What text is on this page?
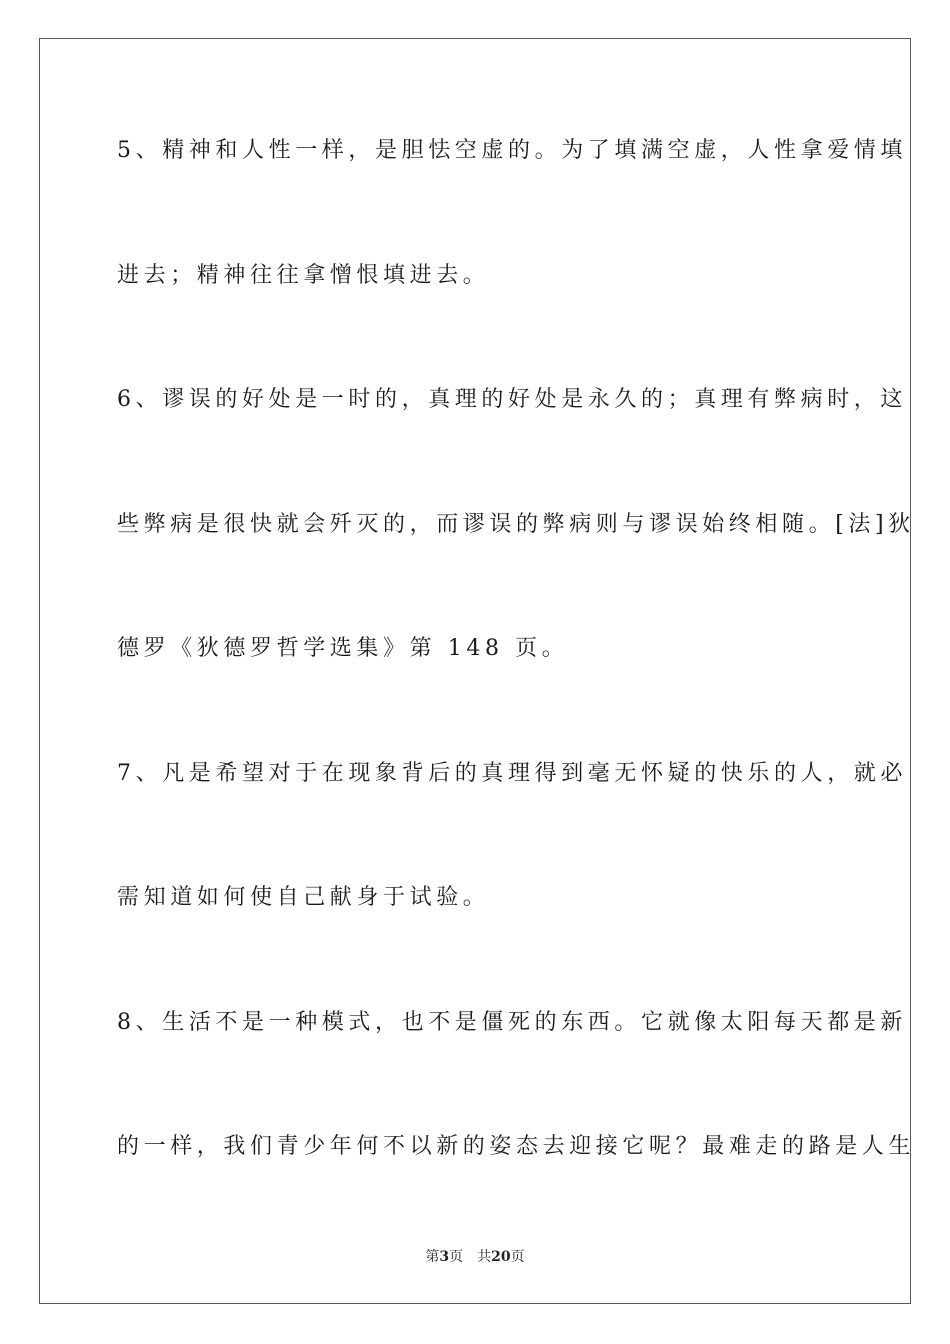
5、精神和人性一样，是胆怯空虚的。为了填满空虚，人性拿爱情填
进去；精神往往拿憎恨填进去。
6、谬误的好处是一时的，真理的好处是永久的；真理有弊病时，这
些弊病是很快就会歼灭的，而谬误的弊病则与谬误始终相随。[法]狄
德罗《狄德罗哲学选集》第 148 页。
7、凡是希望对于在现象背后的真理得到毫无怀疑的快乐的人，就必
需知道如何使自己献身于试验。
8、生活不是一种模式，也不是僵死的东西。它就像太阳每天都是新
的一样，我们青少年何不以新的姿态去迎接它呢？最难走的路是人生
第3页 共20页
